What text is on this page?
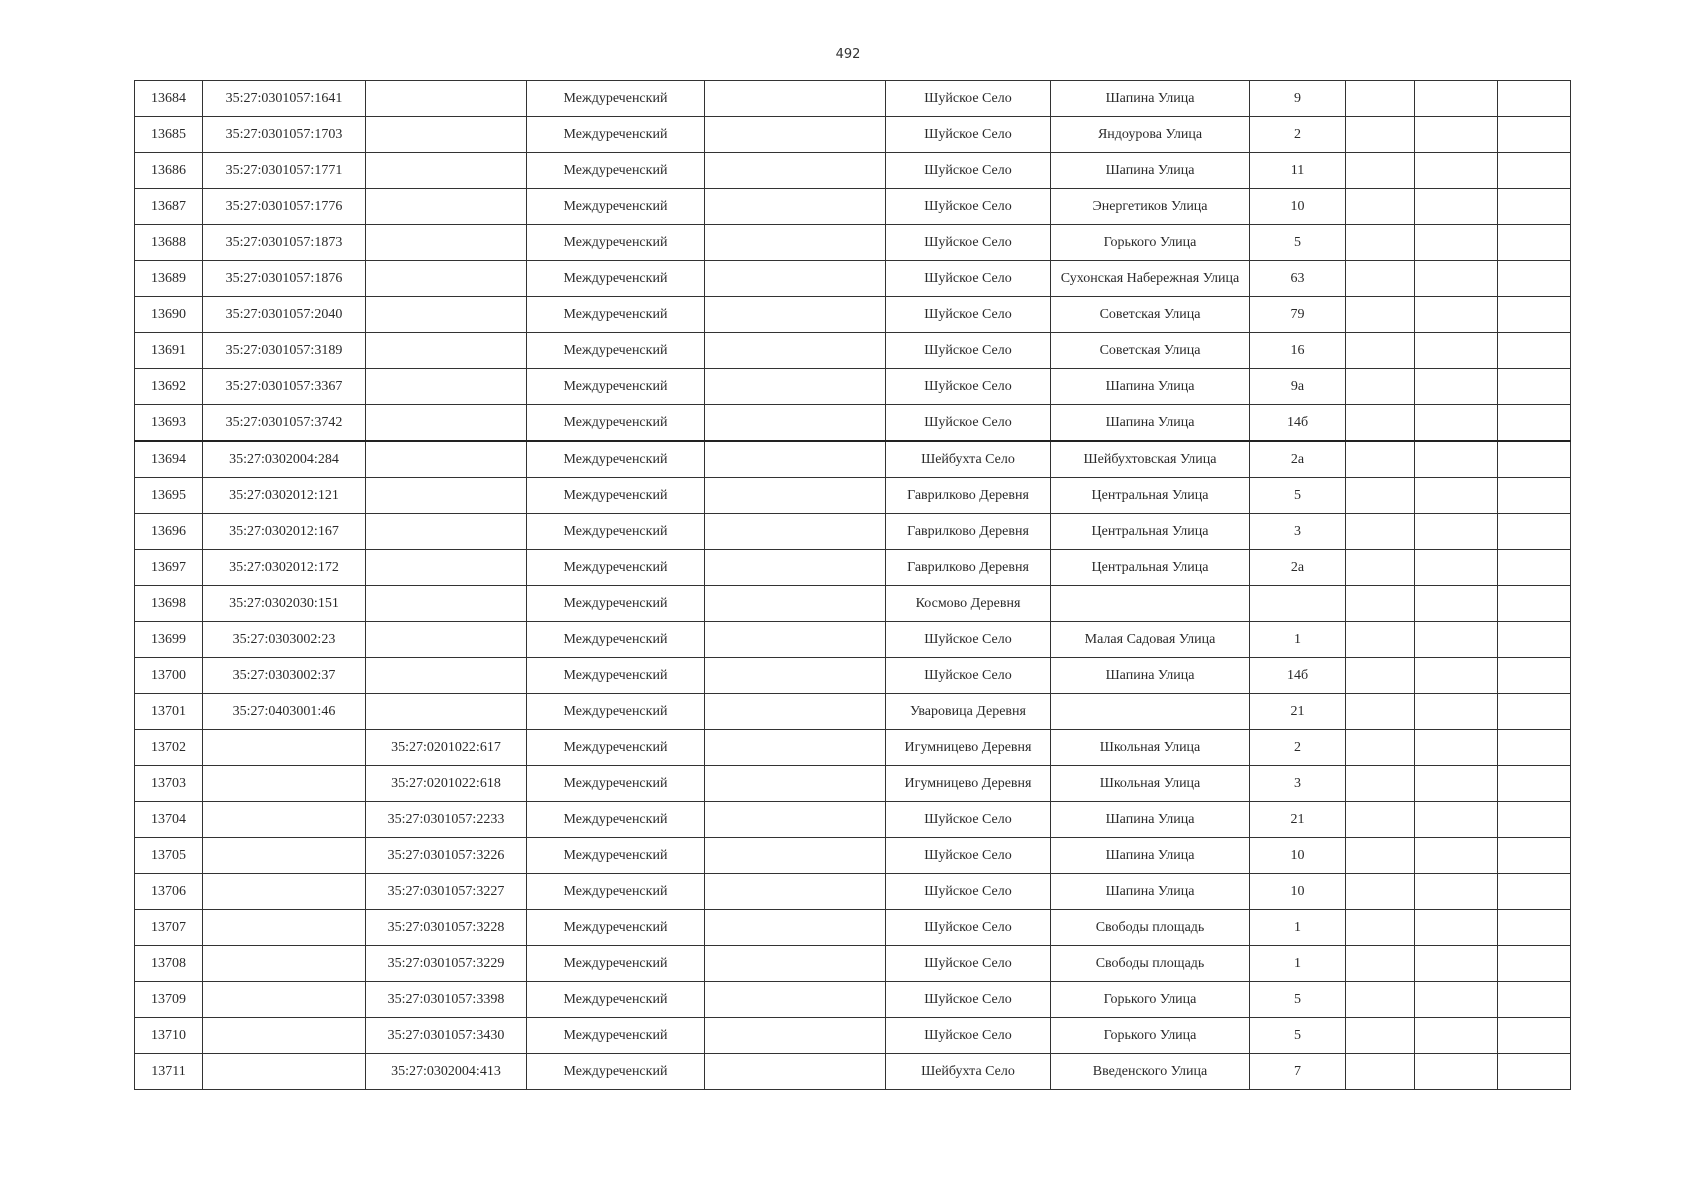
492
13684	35:27:0301057:1641		Междуреченский		Шуйское Село	Шапина Улица	9			
13685	35:27:0301057:1703		Междуреченский		Шуйское Село	Яндоурова Улица	2			
13686	35:27:0301057:1771		Междуреченский		Шуйское Село	Шапина Улица	11			
13687	35:27:0301057:1776		Междуреченский		Шуйское Село	Энергетиков Улица	10			
13688	35:27:0301057:1873		Междуреченский		Шуйское Село	Горького Улица	5			
13689	35:27:0301057:1876		Междуреченский		Шуйское Село	Сухонская Набережная Улица	63			
13690	35:27:0301057:2040		Междуреченский		Шуйское Село	Советская Улица	79			
13691	35:27:0301057:3189		Междуреченский		Шуйское Село	Советская Улица	16			
13692	35:27:0301057:3367		Междуреченский		Шуйское Село	Шапина Улица	9а			
13693	35:27:0301057:3742		Междуреченский		Шуйское Село	Шапина Улица	14б			
13694	35:27:0302004:284		Междуреченский		Шейбухта Село	Шейбухтовская Улица	2а			
13695	35:27:0302012:121		Междуреченский		Гаврилково Деревня	Центральная Улица	5			
13696	35:27:0302012:167		Междуреченский		Гаврилково Деревня	Центральная Улица	3			
13697	35:27:0302012:172		Междуреченский		Гаврилково Деревня	Центральная Улица	2а			
13698	35:27:0302030:151		Междуреченский		Космово Деревня					
13699	35:27:0303002:23		Междуреченский		Шуйское Село	Малая Садовая Улица	1			
13700	35:27:0303002:37		Междуреченский		Шуйское Село	Шапина Улица	14б			
13701	35:27:0403001:46		Междуреченский		Уваровица Деревня		21			
13702		35:27:0201022:617	Междуреченский		Игумницево Деревня	Школьная Улица	2			
13703		35:27:0201022:618	Междуреченский		Игумницево Деревня	Школьная Улица	3			
13704		35:27:0301057:2233	Междуреченский		Шуйское Село	Шапина Улица	21			
13705		35:27:0301057:3226	Междуреченский		Шуйское Село	Шапина Улица	10			
13706		35:27:0301057:3227	Междуреченский		Шуйское Село	Шапина Улица	10			
13707		35:27:0301057:3228	Междуреченский		Шуйское Село	Свободы площадь	1			
13708		35:27:0301057:3229	Междуреченский		Шуйское Село	Свободы площадь	1			
13709		35:27:0301057:3398	Междуреченский		Шуйское Село	Горького Улица	5			
13710		35:27:0301057:3430	Междуреченский		Шуйское Село	Горького Улица	5			
13711		35:27:0302004:413	Междуреченский		Шейбухта Село	Введенского Улица	7			
